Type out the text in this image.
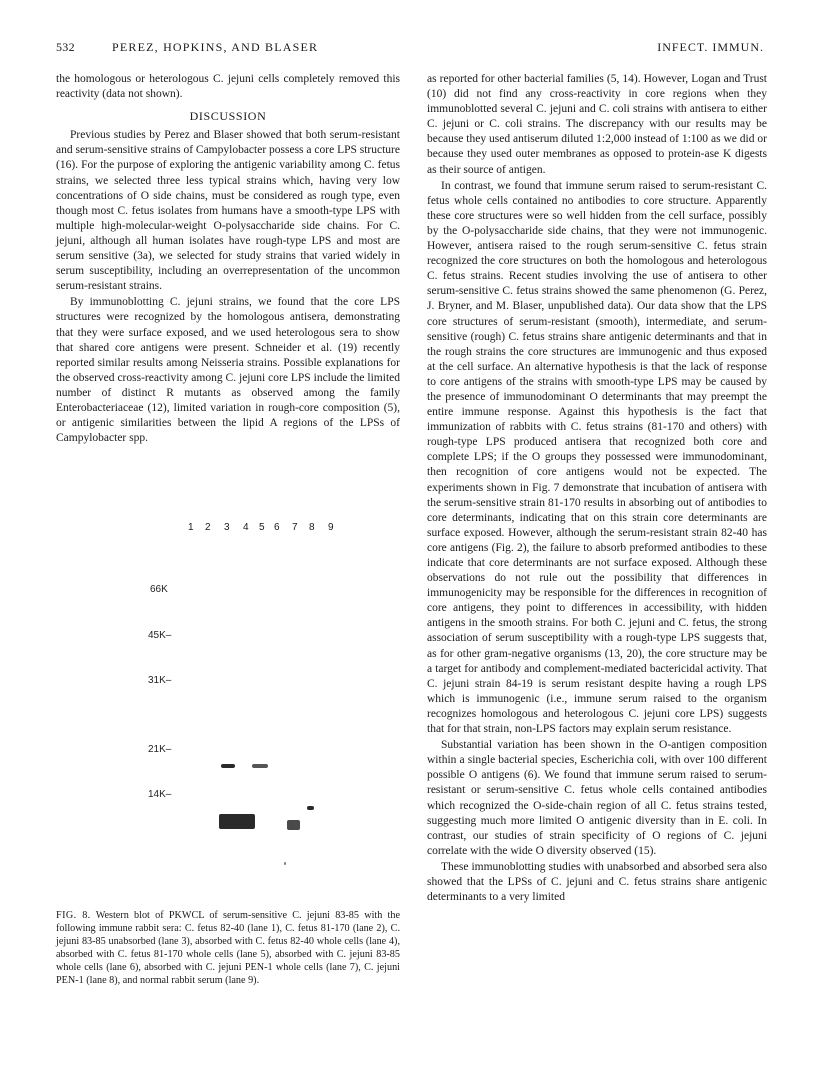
532	PEREZ, HOPKINS, AND BLASER	INFECT. IMMUN.

the homologous or heterologous C. jejuni cells completely removed this reactivity (data not shown).

DISCUSSION

Previous studies by Perez and Blaser showed that both serum-resistant and serum-sensitive strains of Campylobacter possess a core LPS structure (16). For the purpose of exploring the antigenic variability among C. fetus strains, we selected three less typical strains which, having very low concentrations of O side chains, must be considered as rough type, even though most C. fetus isolates from humans have a smooth-type LPS with multiple high-molecular-weight O-polysaccharide side chains. For C. jejuni, although all human isolates have rough-type LPS and most are serum sensitive (3a), we selected for study strains that varied widely in serum susceptibility, including an overrepresentation of the uncommon serum-resistant strains.

By immunoblotting C. jejuni strains, we found that the core LPS structures were recognized by the homologous antisera, demonstrating that they were surface exposed, and we used heterologous sera to show that shared core antigens were present. Schneider et al. (19) recently reported similar results among Neisseria strains. Possible explanations for the observed cross-reactivity among C. jejuni core LPS include the limited number of distinct R mutants as observed among the family Enterobacteriaceae (12), limited variation in rough-core composition (5), or antigenic similarities between the lipid A regions of the LPSs of Campylobacter spp.

1 2 3 4 5 6 7 8 9
66K
45K–
31K–
21K–
14K–
FIG. 8. Western blot of PKWCL of serum-sensitive C. jejuni 83-85 with the following immune rabbit sera: C. fetus 82-40 (lane 1), C. fetus 81-170 (lane 2), C. jejuni 83-85 unabsorbed (lane 3), absorbed with C. fetus 82-40 whole cells (lane 4), absorbed with C. fetus 81-170 whole cells (lane 5), absorbed with C. jejuni 83-85 whole cells (lane 6), absorbed with C. jejuni PEN-1 whole cells (lane 7), C. jejuni PEN-1 (lane 8), and normal rabbit serum (lane 9).

as reported for other bacterial families (5, 14). However, Logan and Trust (10) did not find any cross-reactivity in core regions when they immunoblotted several C. jejuni and C. coli strains with antisera to either C. jejuni or C. coli strains. The discrepancy with our results may be because they used antiserum diluted 1:2,000 instead of 1:100 as we did or because they used outer membranes as opposed to protein-ase K digests as their source of antigen.

In contrast, we found that immune serum raised to serum-resistant C. fetus whole cells contained no antibodies to core structure. Apparently these core structures were so well hidden from the cell surface, possibly by the O-polysaccharide side chains, that they were not immunogenic. However, antisera raised to the rough serum-sensitive C. fetus strain recognized the core structures on both the homologous and heterologous C. fetus strains. Recent studies involving the use of antisera to other serum-sensitive C. fetus strains showed the same phenomenon (G. Perez, J. Bryner, and M. Blaser, unpublished data). Our data show that the LPS core structures of serum-resistant (smooth), intermediate, and serum-sensitive (rough) C. fetus strains share antigenic determinants and that in the rough strains the core structures are immunogenic and thus exposed at the cell surface. An alternative hypothesis is that the lack of response to core antigens of the strains with smooth-type LPS may be caused by the presence of immunodominant O determinants that may preempt the entire immune response. Against this hypothesis is the fact that immunization of rabbits with C. fetus strains (81-170 and others) with rough-type LPS produced antisera that recognized both core and complete LPS; if the O groups they possessed were immunodominant, then recognition of core antigens would not be expected. The experiments shown in Fig. 7 demonstrate that incubation of antisera with the serum-sensitive strain 81-170 results in absorbing out of antibodies to core determinants, indicating that on this strain core determinants are surface exposed. However, although the serum-resistant strain 82-40 has core antigens (Fig. 2), the failure to absorb preformed antibodies to these indicate that core determinants are not surface exposed. Although these observations do not rule out the possibility that differences in immunogenicity may be responsible for the differences in recognition of core antigens, they point to differences in accessibility, with hidden antigens in the smooth strains. For both C. jejuni and C. fetus, the strong association of serum susceptibility with a rough-type LPS suggests that, as for other gram-negative organisms (13, 20), the core structure may be a target for antibody and complement-mediated bactericidal activity. That C. jejuni strain 84-19 is serum resistant despite having a rough LPS which is immunogenic (i.e., immune serum raised to the organism recognizes homologous and heterologous C. jejuni core LPS) suggests that for that strain, non-LPS factors may explain serum resistance.

Substantial variation has been shown in the O-antigen composition within a single bacterial species, Escherichia coli, with over 100 different possible O antigens (6). We found that immune serum raised to serum-resistant or serum-sensitive C. fetus whole cells contained antibodies which recognized the O-side-chain region of all C. fetus strains tested, suggesting much more limited O antigenic diversity than in E. coli. In contrast, our studies of strain specificity of O regions of C. jejuni correlate with the wide O diversity observed (15).

These immunoblotting studies with unabsorbed and absorbed sera also showed that the LPSs of C. jejuni and C. fetus strains share antigenic determinants to a very limited
